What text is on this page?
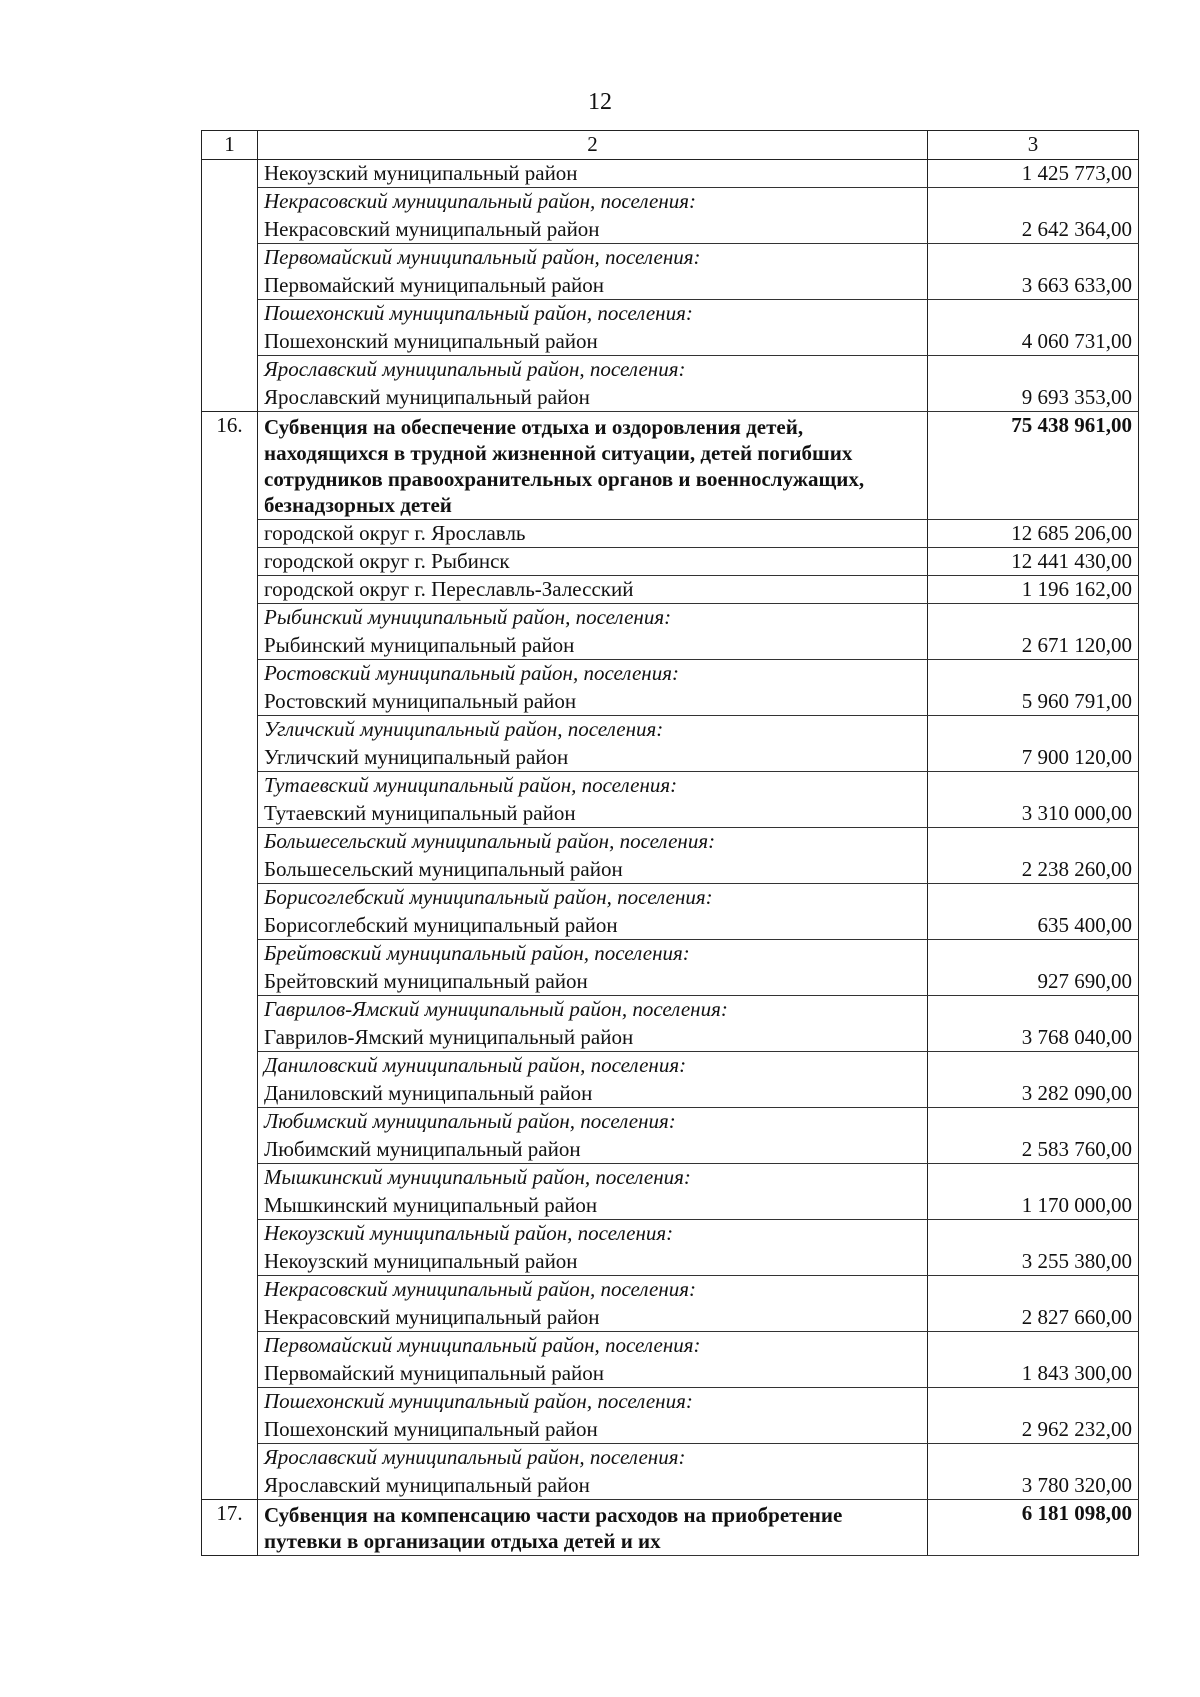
12
1	2	3
	Некоузский муниципальный район	1 425 773,00
	Некрасовский муниципальный район, поселения:	
	Некрасовский муниципальный район	2 642 364,00
	Первомайский муниципальный район, поселения:	
	Первомайский муниципальный район	3 663 633,00
	Пошехонский муниципальный район, поселения:	
	Пошехонский муниципальный район	4 060 731,00
	Ярославский муниципальный район, поселения:	
	Ярославский муниципальный район	9 693 353,00
16.	Субвенция на обеспечение отдыха и оздоровления детей, находящихся в трудной жизненной ситуации, детей погибших сотрудников правоохранительных органов и военнослужащих, безнадзорных детей	75 438 961,00
	городской округ г. Ярославль	12 685 206,00
	городской округ г. Рыбинск	12 441 430,00
	городской округ г. Переславль-Залесский	1 196 162,00
	Рыбинский муниципальный район, поселения:	
	Рыбинский муниципальный район	2 671 120,00
	Ростовский муниципальный район, поселения:	
	Ростовский муниципальный район	5 960 791,00
	Угличский муниципальный район, поселения:	
	Угличский муниципальный район	7 900 120,00
	Тутаевский муниципальный район, поселения:	
	Тутаевский муниципальный район	3 310 000,00
	Большесельский муниципальный район, поселения:	
	Большесельский муниципальный район	2 238 260,00
	Борисоглебский муниципальный район, поселения:	
	Борисоглебский муниципальный район	635 400,00
	Брейтовский муниципальный район, поселения:	
	Брейтовский муниципальный район	927 690,00
	Гаврилов-Ямский муниципальный район, поселения:	
	Гаврилов-Ямский муниципальный район	3 768 040,00
	Даниловский муниципальный район, поселения:	
	Даниловский муниципальный район	3 282 090,00
	Любимский муниципальный район, поселения:	
	Любимский муниципальный район	2 583 760,00
	Мышкинский муниципальный район, поселения:	
	Мышкинский муниципальный район	1 170 000,00
	Некоузский муниципальный район, поселения:	
	Некоузский муниципальный район	3 255 380,00
	Некрасовский муниципальный район, поселения:	
	Некрасовский муниципальный район	2 827 660,00
	Первомайский муниципальный район, поселения:	
	Первомайский муниципальный район	1 843 300,00
	Пошехонский муниципальный район, поселения:	
	Пошехонский муниципальный район	2 962 232,00
	Ярославский муниципальный район, поселения:	
	Ярославский муниципальный район	3 780 320,00
17.	Субвенция на компенсацию части расходов на приобретение путевки в организации отдыха детей и их	6 181 098,00
